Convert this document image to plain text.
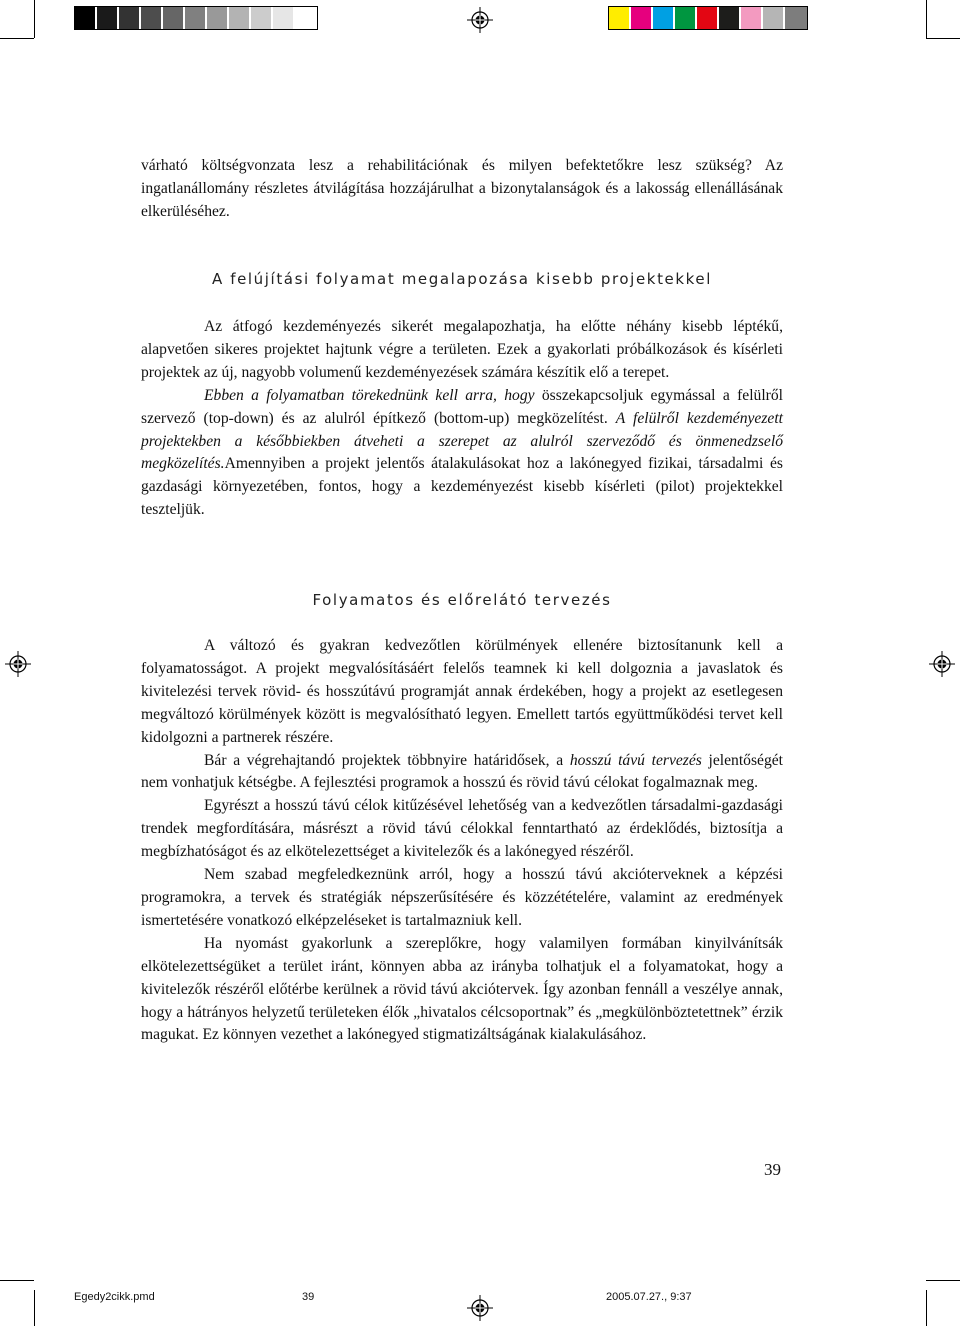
várható költségvonzata lesz a rehabilitációnak és milyen befektetőkre lesz szükség? Az ingatlanállomány részletes átvilágítása hozzájárulhat a bizonytalanságok és a lakosság ellenállásának elkerüléséhez.

A felújítási folyamat megalapozása kisebb projektekkel

Az átfogó kezdeményezés sikerét megalapozhatja, ha előtte néhány kisebb léptékű, alapvetően sikeres projektet hajtunk végre a területen. Ezek a gyakorlati próbálkozások és kísérleti projektek az új, nagyobb volumenű kezdeményezések számára készítik elő a terepet.

Ebben a folyamatban törekednünk kell arra, hogy összekapcsoljuk egymással a felülről szervező (top-down) és az alulról építkező (bottom-up) megközelítést. A felülről kezdeményezett projektekben a későbbiekben átveheti a szerepet az alulról szerveződő és önmenedzselő megközelítés.Amennyiben a projekt jelentős átalakulásokat hoz a lakónegyed fizikai, társadalmi és gazdasági környezetében, fontos, hogy a kezdeményezést kisebb kísérleti (pilot) projektekkel teszteljük.

Folyamatos és előrelátó tervezés

A változó és gyakran kedvezőtlen körülmények ellenére biztosítanunk kell a folyamatosságot. A projekt megvalósításáért felelős teamnek ki kell dolgoznia a javaslatok és kivitelezési tervek rövid- és hosszútávú programját annak érdekében, hogy a projekt az esetlegesen megváltozó körülmények között is megvalósítható legyen. Emellett tartós együttműködési tervet kell kidolgozni a partnerek részére.

Bár a végrehajtandó projektek többnyire határidősek, a hosszú távú tervezés jelentőségét nem vonhatjuk kétségbe. A fejlesztési programok a hosszú és rövid távú célokat fogalmaznak meg.

Egyrészt a hosszú távú célok kitűzésével lehetőség van a kedvezőtlen társadalmi-gazdasági trendek megfordítására, másrészt a rövid távú célokkal fenntartható az érdeklődés, biztosítja a megbízhatóságot és az elkötelezettséget a kivitelezők és a lakónegyed részéről.

Nem szabad megfeledkeznünk arról, hogy a hosszú távú akcióterveknek a képzési programokra, a tervek és stratégiák népszerűsítésére és közzétételére, valamint az eredmények ismertetésére vonatkozó elképzeléseket is tartalmazniuk kell.

Ha nyomást gyakorlunk a szereplőkre, hogy valamilyen formában kinyilvánítsák elkötelezettségüket a terület iránt, könnyen abba az irányba tolhatjuk el a folyamatokat, hogy a kivitelezők részéről előtérbe kerülnek a rövid távú akciótervek. Így azonban fennáll a veszélye annak, hogy a hátrányos helyzetű területeken élők „hivatalos célcsoportnak” és „megkülönböztetettnek” érzik magukat. Ez könnyen vezethet a lakónegyed stigmatizáltságának kialakulásához.

39
Egedy2cikk.pmd	39	2005.07.27., 9:37
